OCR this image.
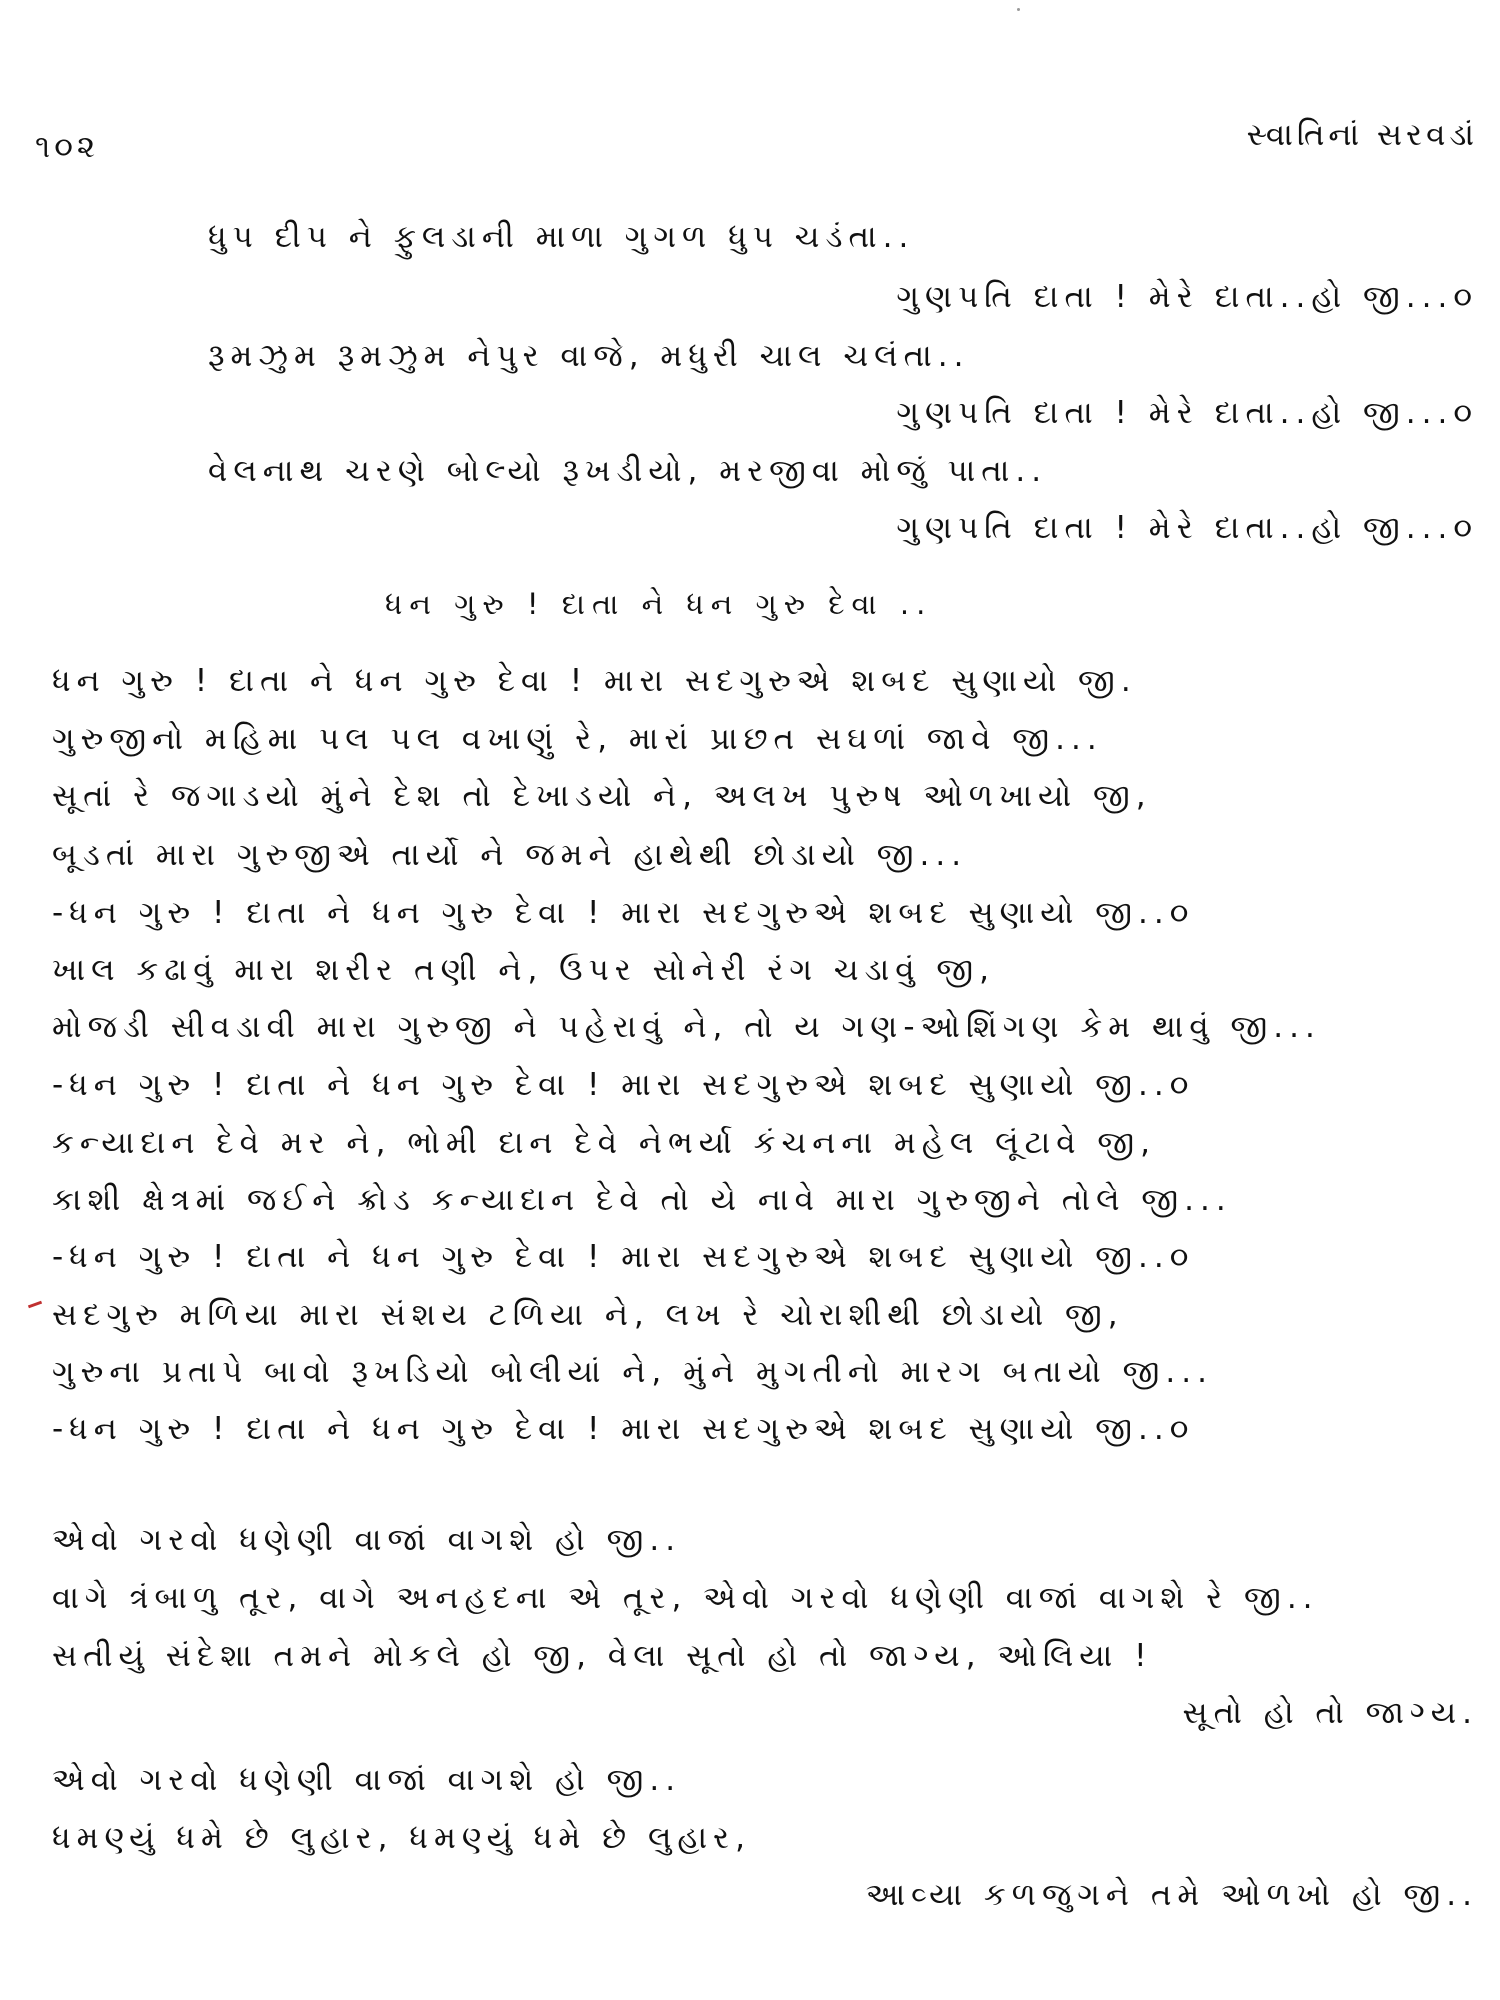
૧૦૨	સ્વાતિનાં સરવડાં
ધુપ દીપ ને ફુલડાની માળા ગુગળ ધુપ ચડંતા..
ગુણપતિ દાતા ! મેરે દાતા..હો જી...૦
રૂમઝુમ રૂમઝુમ નેપુર વાજે, મધુરી ચાલ ચલંતા..
ગુણપતિ દાતા ! મેરે દાતા..હો જી...૦
વેલનાથ ચરણે બોલ્યો રૂખડીયો, મરજીવા મોજું પાતા..
ગુણપતિ દાતા ! મેરે દાતા..હો જી...૦
ધન ગુરુ ! દાતા ને ધન ગુરુ દેવા ..
ધન ગુરુ ! દાતા ને ધન ગુરુ દેવા ! મારા સદગુરુએ શબદ સુણાયો જી.
ગુરુજીનો મહિમા પલ પલ વખાણું રે, મારાં પ્રાછત સઘળાં જાવે જી...
સૂતાં રે જગાડયો મુંને દેશ તો દેખાડયો ને, અલખ પુરુષ ઓળખાયો જી,
બૂડતાં મારા ગુરુજીએ તાર્યો ને જમને હાથેથી છોડાયો જી...
-ધન ગુરુ ! દાતા ને ધન ગુરુ દેવા ! મારા સદગુરુએ શબદ સુણાયો જી..૦
ખાલ કઢાવું મારા શરીર તણી ને, ઉપર સોનેરી રંગ ચડાવું જી,
મોજડી સીવડાવી મારા ગુરુજી ને પહેરાવું ને, તો ય ગણ-ઓશિંગણ કેમ થાવું જી...
-ધન ગુરુ ! દાતા ને ધન ગુરુ દેવા ! મારા સદગુરુએ શબદ સુણાયો જી..૦
કન્યાદાન દેવે મર ને, ભોમી દાન દેવે નેભર્યા કંચનના મહેલ લૂંટાવે જી,
કાશી ક્ષેત્રમાં જઈને ક્રોડ કન્યાદાન દેવે તો યે નાવે મારા ગુરુજીને તોલે જી...
-ધન ગુરુ ! દાતા ને ધન ગુરુ દેવા ! મારા સદગુરુએ શબદ સુણાયો જી..૦
સદગુરુ મળિયા મારા સંશય ટળિયા ને, લખ રે ચોરાશીથી છોડાયો જી,
ગુરુના પ્રતાપે બાવો રૂખડિયો બોલીયાં ને, મુંને મુગતીનો મારગ બતાયો જી...
-ધન ગુરુ ! દાતા ને ધન ગુરુ દેવા ! મારા સદગુરુએ શબદ સુણાયો જી..૦
એવો ગરવો ધણેણી વાજાં વાગશે હો જી..
વાગે ત્રંબાળુ તૂર, વાગે અનહદના એ તૂર, એવો ગરવો ધણેણી વાજાં વાગશે રે જી..
સતીયું સંદેશા તમને મોકલે હો જી, વેલા સૂતો હો તો જાગ્ય, ઓલિયા !
સૂતો હો તો જાગ્ય.
એવો ગરવો ધણેણી વાજાં વાગશે હો જી..
ધમણ્યું ધમે છે લુહાર, ધમણ્યું ધમે છે લુહાર,
આવ્યા કળજુગને તમે ઓળખો હો જી..
